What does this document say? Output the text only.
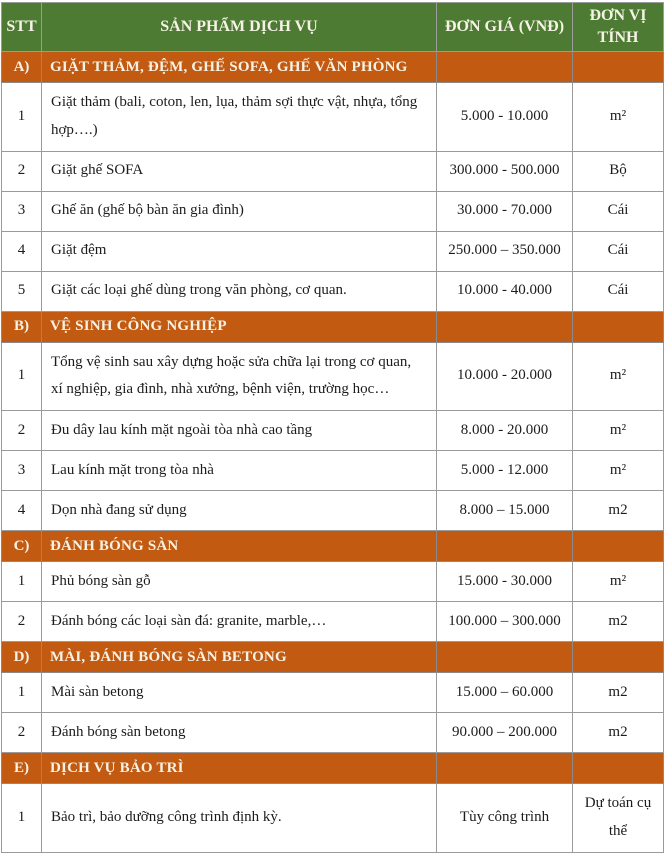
STT	SẢN PHẨM DỊCH VỤ	ĐƠN GIÁ (VNĐ)	ĐƠN VỊ TÍNH
A)	GIẶT THẢM, ĐỆM, GHẾ SOFA, GHẾ VĂN PHÒNG		
1	Giặt thảm (bali, coton, len, lụa, thảm sợi thực vật, nhựa, tổng hợp….)	5.000 - 10.000	m²
2	Giặt ghế SOFA	300.000 - 500.000	Bộ
3	Ghế ăn (ghế bộ bàn ăn gia đình)	30.000 - 70.000	Cái
4	Giặt đệm	250.000 – 350.000	Cái
5	Giặt các loại ghế dùng trong văn phòng, cơ quan.	10.000 - 40.000	Cái
B)	VỆ SINH CÔNG NGHIỆP		
1	Tổng vệ sinh sau xây dựng hoặc sửa chữa lại trong cơ quan, xí nghiệp, gia đình, nhà xưởng, bệnh viện, trường học…	10.000 - 20.000	m²
2	Đu dây lau kính mặt ngoài tòa nhà cao tầng	8.000 - 20.000	m²
3	Lau kính mặt trong tòa nhà	5.000 - 12.000	m²
4	Dọn nhà đang sử dụng	8.000 – 15.000	m2
C)	ĐÁNH BÓNG SÀN		
1	Phủ bóng sàn gỗ	15.000 - 30.000	m²
2	Đánh bóng các loại sàn đá: granite, marble,…	100.000 – 300.000	m2
D)	MÀI, ĐÁNH BÓNG SÀN BETONG		
1	Mài sàn betong	15.000 – 60.000	m2
2	Đánh bóng sàn betong	90.000 – 200.000	m2
E)	DỊCH VỤ BẢO TRÌ		
1	Bảo trì, bảo dưỡng công trình định kỳ.	Tùy công trình	Dự toán cụ thể
